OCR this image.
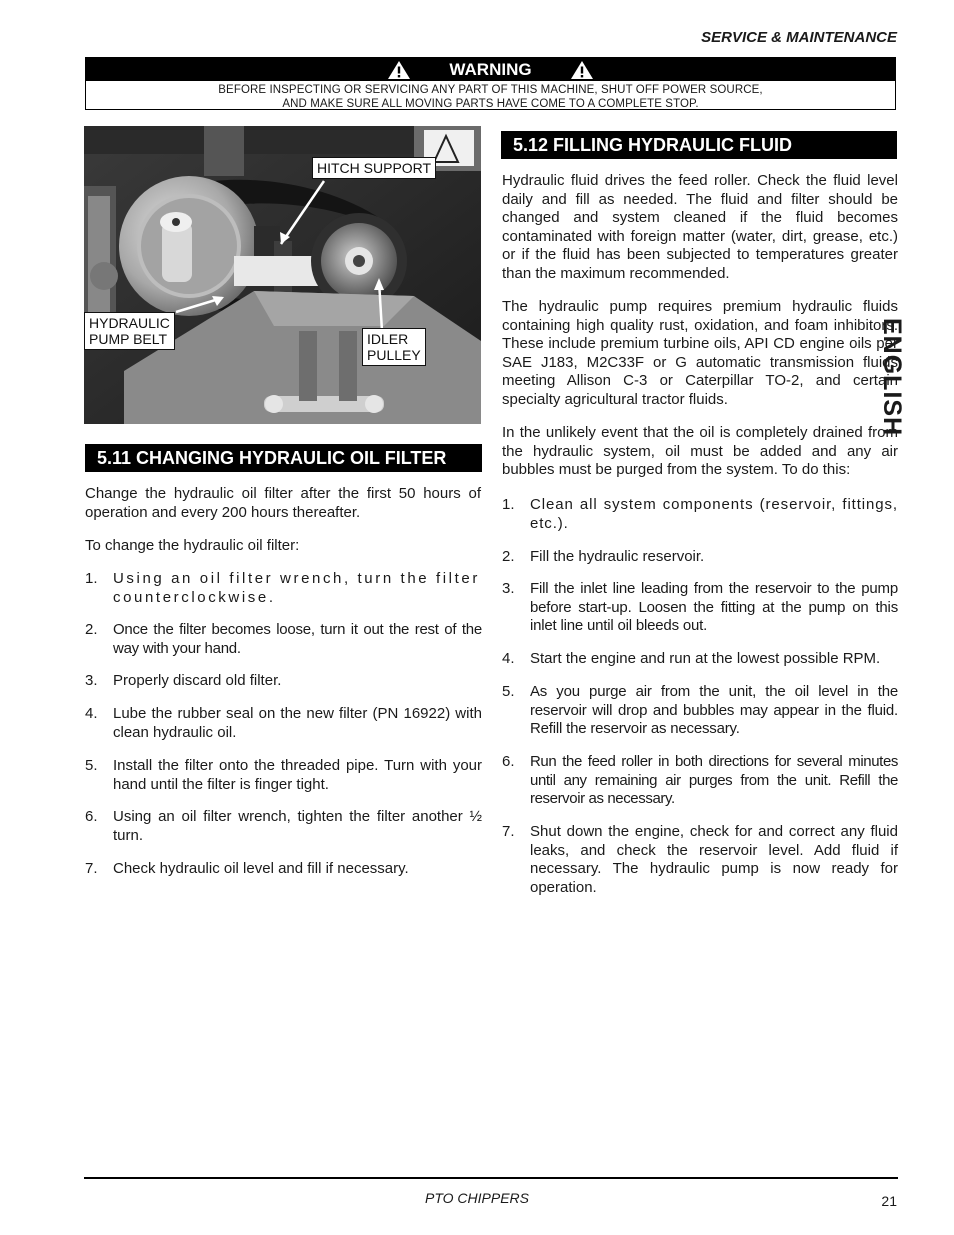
SERVICE & MAINTENANCE
WARNING
BEFORE INSPECTING OR SERVICING ANY PART OF THIS MACHINE, SHUT OFF POWER SOURCE,
AND MAKE SURE ALL MOVING PARTS HAVE COME TO A COMPLETE STOP.
HITCH SUPPORT
HYDRAULIC
PUMP BELT	IDLER
PULLEY
5.11 CHANGING HYDRAULIC OIL FILTER

Change the hydraulic oil filter after the first 50 hours of operation and every 200 hours thereafter.

To change the hydraulic oil filter:

1. Using an oil filter wrench, turn the filter counterclockwise.
2. Once the filter becomes loose, turn it out the rest of the way with your hand.
3. Properly discard old filter.
4. Lube the rubber seal on the new filter (PN 16922) with clean hydraulic oil.
5. Install the filter onto the threaded pipe. Turn with your hand until the filter is finger tight.
6. Using an oil filter wrench, tighten the filter another ½ turn.
7. Check hydraulic oil level and fill if necessary.
5.12 FILLING HYDRAULIC FLUID

Hydraulic fluid drives the feed roller. Check the fluid level daily and fill as needed. The fluid and filter should be changed and system cleaned if the fluid becomes contaminated with foreign matter (water, dirt, grease, etc.) or if the fluid has been subjected to temperatures greater than the maximum recommended.

The hydraulic pump requires premium hydraulic fluids containing high quality rust, oxidation, and foam inhibitors. These include premium turbine oils, API CD engine oils per SAE J183, M2C33F or G automatic transmission fluids meeting Allison C-3 or Caterpillar TO-2, and certain specialty agricultural tractor fluids.

In the unlikely event that the oil is completely drained from the hydraulic system, oil must be added and any air bubbles must be purged from the system. To do this:

1. Clean all system components (reservoir, fittings, etc.).
2. Fill the hydraulic reservoir.
3. Fill the inlet line leading from the reservoir to the pump before start-up. Loosen the fitting at the pump on this inlet line until oil bleeds out.
4. Start the engine and run at the lowest possible RPM.
5. As you purge air from the unit, the oil level in the reservoir will drop and bubbles may appear in the fluid. Refill the reservoir as necessary.
6. Run the feed roller in both directions for several minutes until any remaining air purges from the unit. Refill the reservoir as necessary.
7. Shut down the engine, check for and correct any fluid leaks, and check the reservoir level. Add fluid if necessary. The hydraulic pump is now ready for operation.
ENGLISH
PTO CHIPPERS	21
